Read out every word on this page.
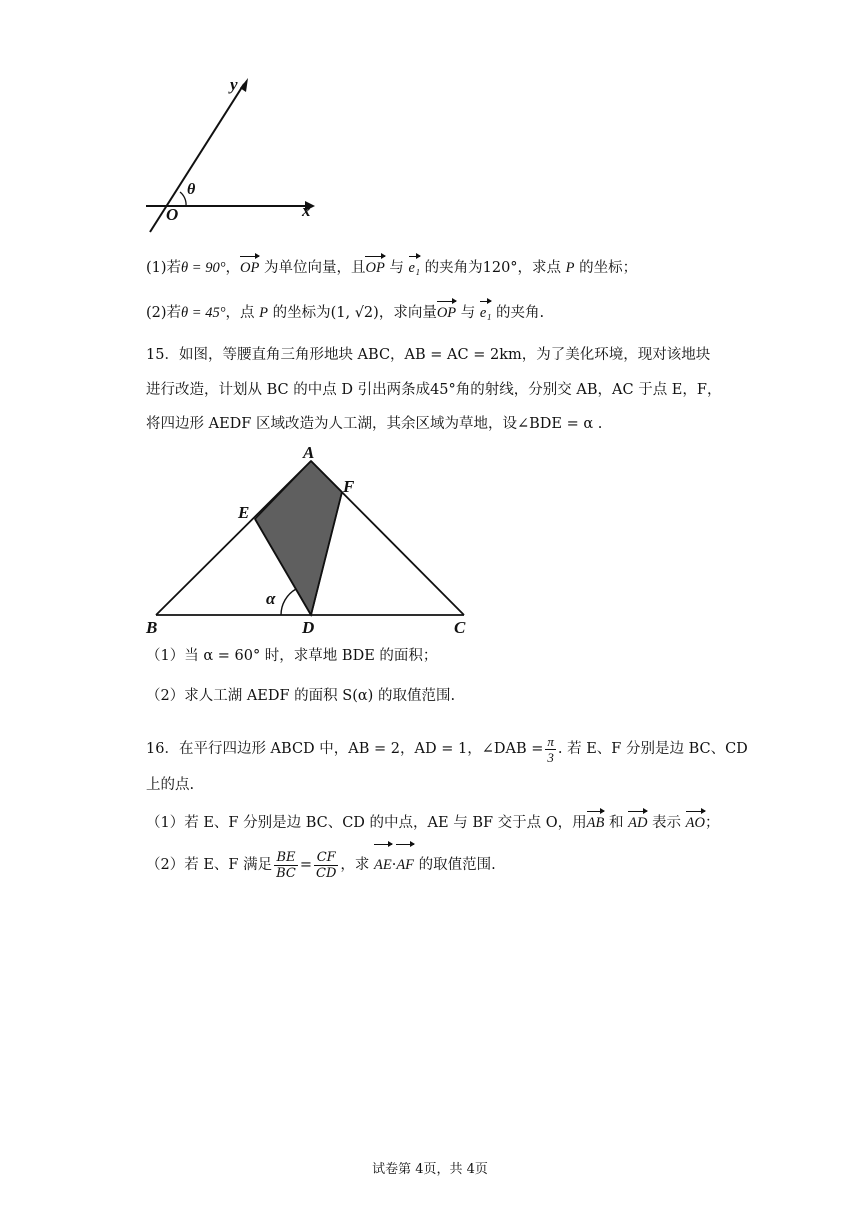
y
x
O
θ
(1)若θ = 90°，OP 为单位向量，且OP 与 e₁ 的夹角为120°，求点 P 的坐标；
(2)若θ = 45°，点 P 的坐标为(1, √2)，求向量OP 与 e₁ 的夹角.
15．如图，等腰直角三角形地块 ABC，AB = AC = 2km，为了美化环境，现对该地块
进行改造，计划从 BC 的中点 D 引出两条成45°角的射线，分别交 AB，AC 于点 E，F，
将四边形 AEDF 区域改造为人工湖，其余区域为草地，设∠BDE = α .
A
F
E
α
B	D	C
（1）当 α = 60° 时，求草地 BDE 的面积；
（2）求人工湖 AEDF 的面积 S(α) 的取值范围.
16．在平行四边形 ABCD 中，AB = 2，AD = 1，∠DAB = $\frac{\pi}{3}$ . 若 E、F 分别是边 BC、CD
上的点.
（1）若 E、F 分别是边 BC、CD 的中点，AE 与 BF 交于点 O，用AB 和 AD 表示 AO；
（2）若 E、F 满足 $\frac{BE}{BC} = \frac{CF}{CD}$ ，求 AE·AF 的取值范围.
试卷第 4页，共 4页
